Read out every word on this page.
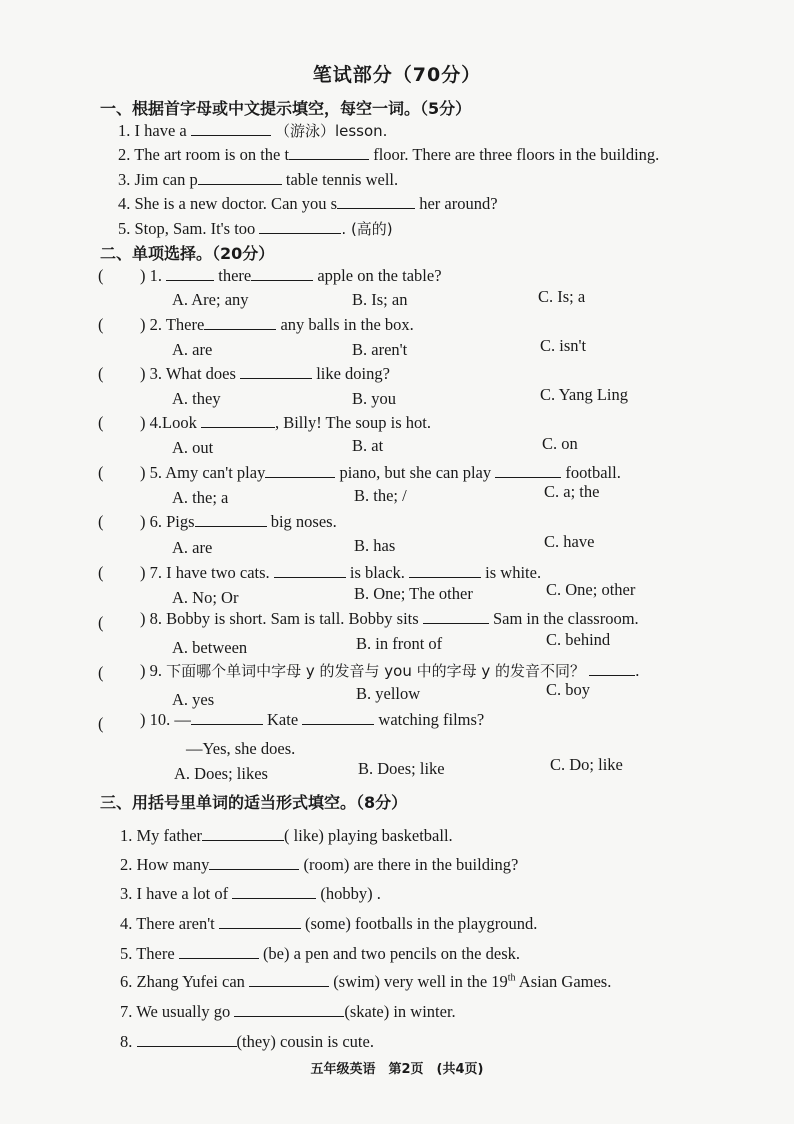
笔试部分（70分）
一、根据首字母或中文提示填空，每空一词。（5分）
1. I have a	（游泳）lesson.
2. The art room is on the t	floor. There are three floors in the building.
3. Jim can p	table tennis well.
4. She is a new doctor. Can you s	her around?
5. Stop, Sam. It's too	. (高的)
二、单项选择。（20分）
( ) 1.	there	apple on the table?
A. Are; any	B. Is; an	C. Is; a
( ) 2. There	any balls in the box.
A. are	B. aren't	C. isn't
( ) 3. What does	like doing?
A. they	B. you	C. Yang Ling
( ) 4.Look	, Billy! The soup is hot.
A. out	B. at	C. on
( ) 5. Amy can't play	piano, but she can play	football.
A. the; a	B. the; /	C. a; the
( ) 6. Pigs	big noses.
A. are	B. has	C. have
( ) 7. I have two cats.	is black.	is white.
A. No; Or	B. One; The other	C. One; other
( ) 8. Bobby is short. Sam is tall. Bobby sits	Sam in the classroom.
A. between	B. in front of	C. behind
( ) 9. 下面哪个单词中字母 y 的发音与 you 中的字母 y 的发音不同？	.
A. yes	B. yellow	C. boy
( ) 10. —	Kate	watching films?
—Yes, she does.
A. Does; likes	B. Does; like	C. Do; like
三、用括号里单词的适当形式填空。（8分）
1. My father	( like) playing basketball.
2. How many	(room) are there in the building?
3. I have a lot of	(hobby) .
4. There aren't	(some) footballs in the playground.
5. There	(be) a pen and two pencils on the desk.
6. Zhang Yufei can	(swim) very well in the 19th Asian Games.
7. We usually go	(skate) in winter.
8.	(they) cousin is cute.
五年级英语　第2页　(共4页)
